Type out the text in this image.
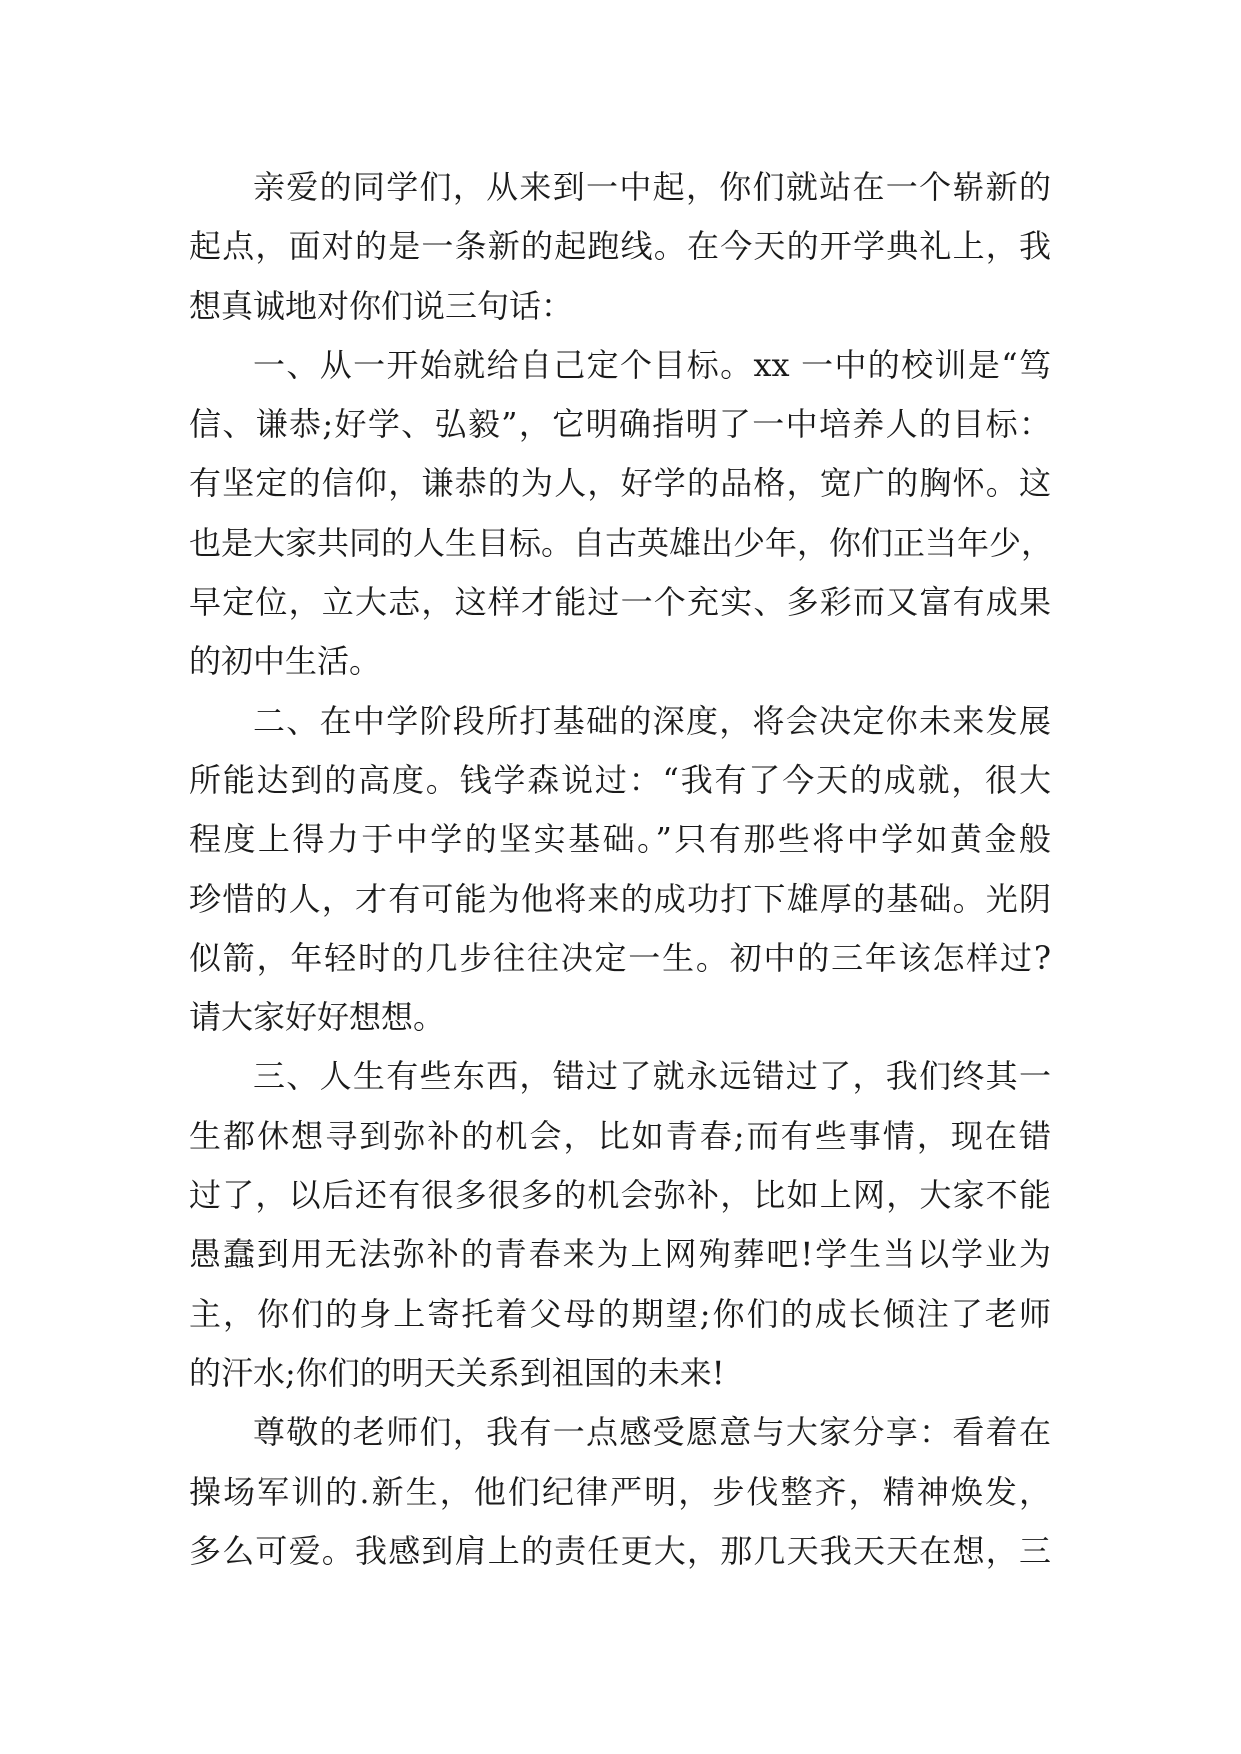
亲爱的同学们，从来到一中起，你们就站在一个崭新的
起点，面对的是一条新的起跑线。在今天的开学典礼上，我
想真诚地对你们说三句话：
一、从一开始就给自己定个目标。xx 一中的校训是“笃
信、谦恭;好学、弘毅”，它明确指明了一中培养人的目标：
有坚定的信仰，谦恭的为人，好学的品格，宽广的胸怀。这
也是大家共同的人生目标。自古英雄出少年，你们正当年少，
早定位，立大志，这样才能过一个充实、多彩而又富有成果
的初中生活。
二、在中学阶段所打基础的深度，将会决定你未来发展
所能达到的高度。钱学森说过：“我有了今天的成就，很大
程度上得力于中学的坚实基础。”只有那些将中学如黄金般
珍惜的人，才有可能为他将来的成功打下雄厚的基础。光阴
似箭，年轻时的几步往往决定一生。初中的三年该怎样过?
请大家好好想想。
三、人生有些东西，错过了就永远错过了，我们终其一
生都休想寻到弥补的机会，比如青春;而有些事情，现在错
过了，以后还有很多很多的机会弥补，比如上网，大家不能
愚蠢到用无法弥补的青春来为上网殉葬吧!学生当以学业为
主，你们的身上寄托着父母的期望;你们的成长倾注了老师
的汗水;你们的明天关系到祖国的未来!
尊敬的老师们，我有一点感受愿意与大家分享：看着在
操场军训的.新生，他们纪律严明，步伐整齐，精神焕发，
多么可爱。我感到肩上的责任更大，那几天我天天在想，三
